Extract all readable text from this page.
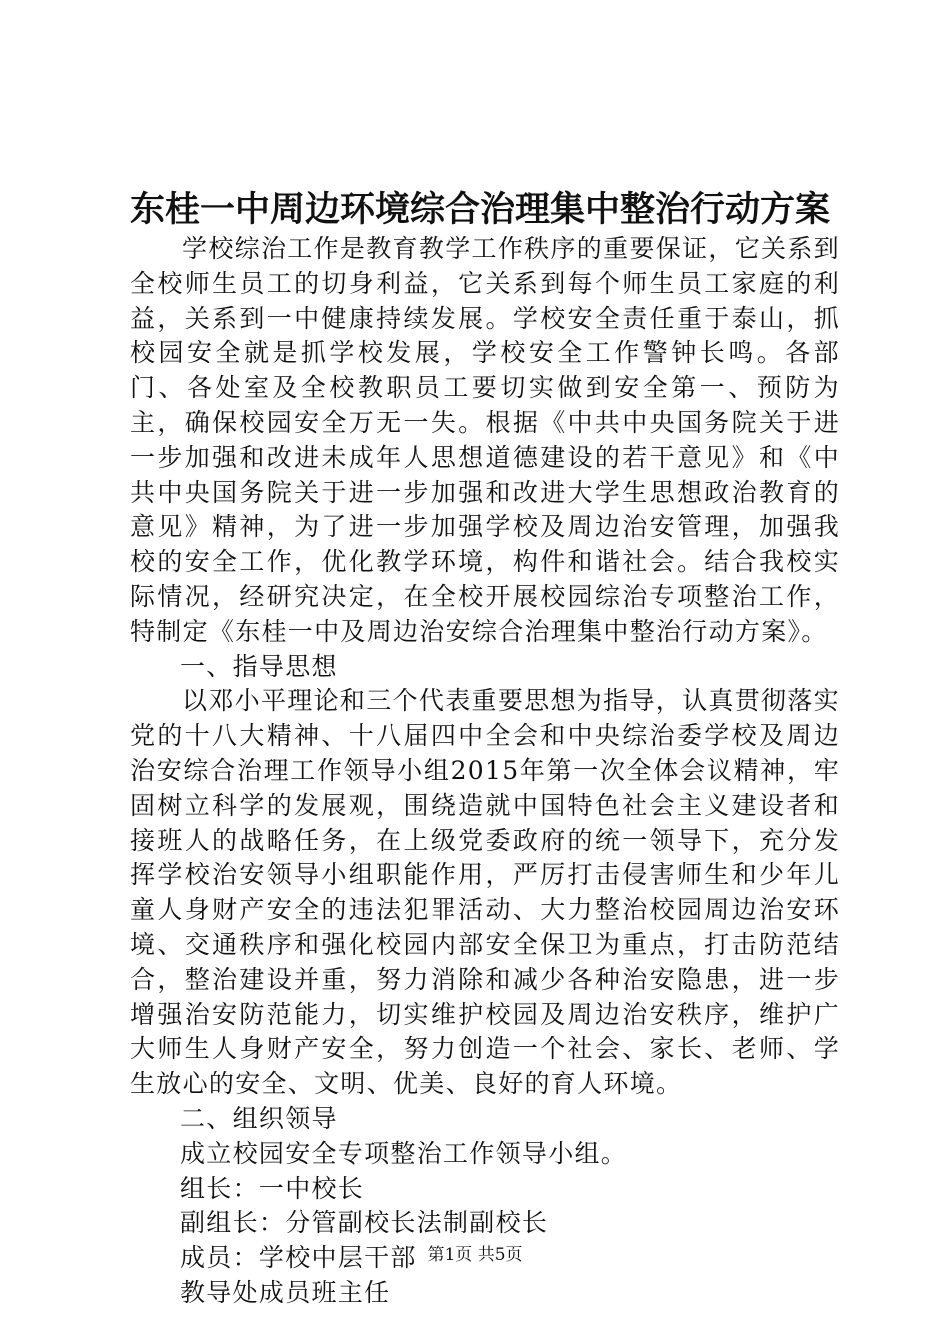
东桂一中周边环境综合治理集中整治行动方案

学校综治工作是教育教学工作秩序的重要保证，它关系到全校师生员工的切身利益，它关系到每个师生员工家庭的利益，关系到一中健康持续发展。学校安全责任重于泰山，抓校园安全就是抓学校发展，学校安全工作警钟长鸣。各部门、各处室及全校教职员工要切实做到安全第一、预防为主，确保校园安全万无一失。根据《中共中央国务院关于进一步加强和改进未成年人思想道德建设的若干意见》和《中共中央国务院关于进一步加强和改进大学生思想政治教育的意见》精神，为了进一步加强学校及周边治安管理，加强我校的安全工作，优化教学环境，构件和谐社会。结合我校实际情况，经研究决定，在全校开展校园综治专项整治工作，特制定《东桂一中及周边治安综合治理集中整治行动方案》。

一、指导思想

以邓小平理论和三个代表重要思想为指导，认真贯彻落实党的十八大精神、十八届四中全会和中央综治委学校及周边治安综合治理工作领导小组2015年第一次全体会议精神，牢固树立科学的发展观，围绕造就中国特色社会主义建设者和接班人的战略任务，在上级党委政府的统一领导下，充分发挥学校治安领导小组职能作用，严厉打击侵害师生和少年儿童人身财产安全的违法犯罪活动、大力整治校园周边治安环境、交通秩序和强化校园内部安全保卫为重点，打击防范结合，整治建设并重，努力消除和减少各种治安隐患，进一步增强治安防范能力，切实维护校园及周边治安秩序，维护广大师生人身财产安全，努力创造一个社会、家长、老师、学生放心的安全、文明、优美、良好的育人环境。

二、组织领导

成立校园安全专项整治工作领导小组。

组长：一中校长

副组长：分管副校长法制副校长

成员：学校中层干部

教导处成员班主任

第1页 共5页
